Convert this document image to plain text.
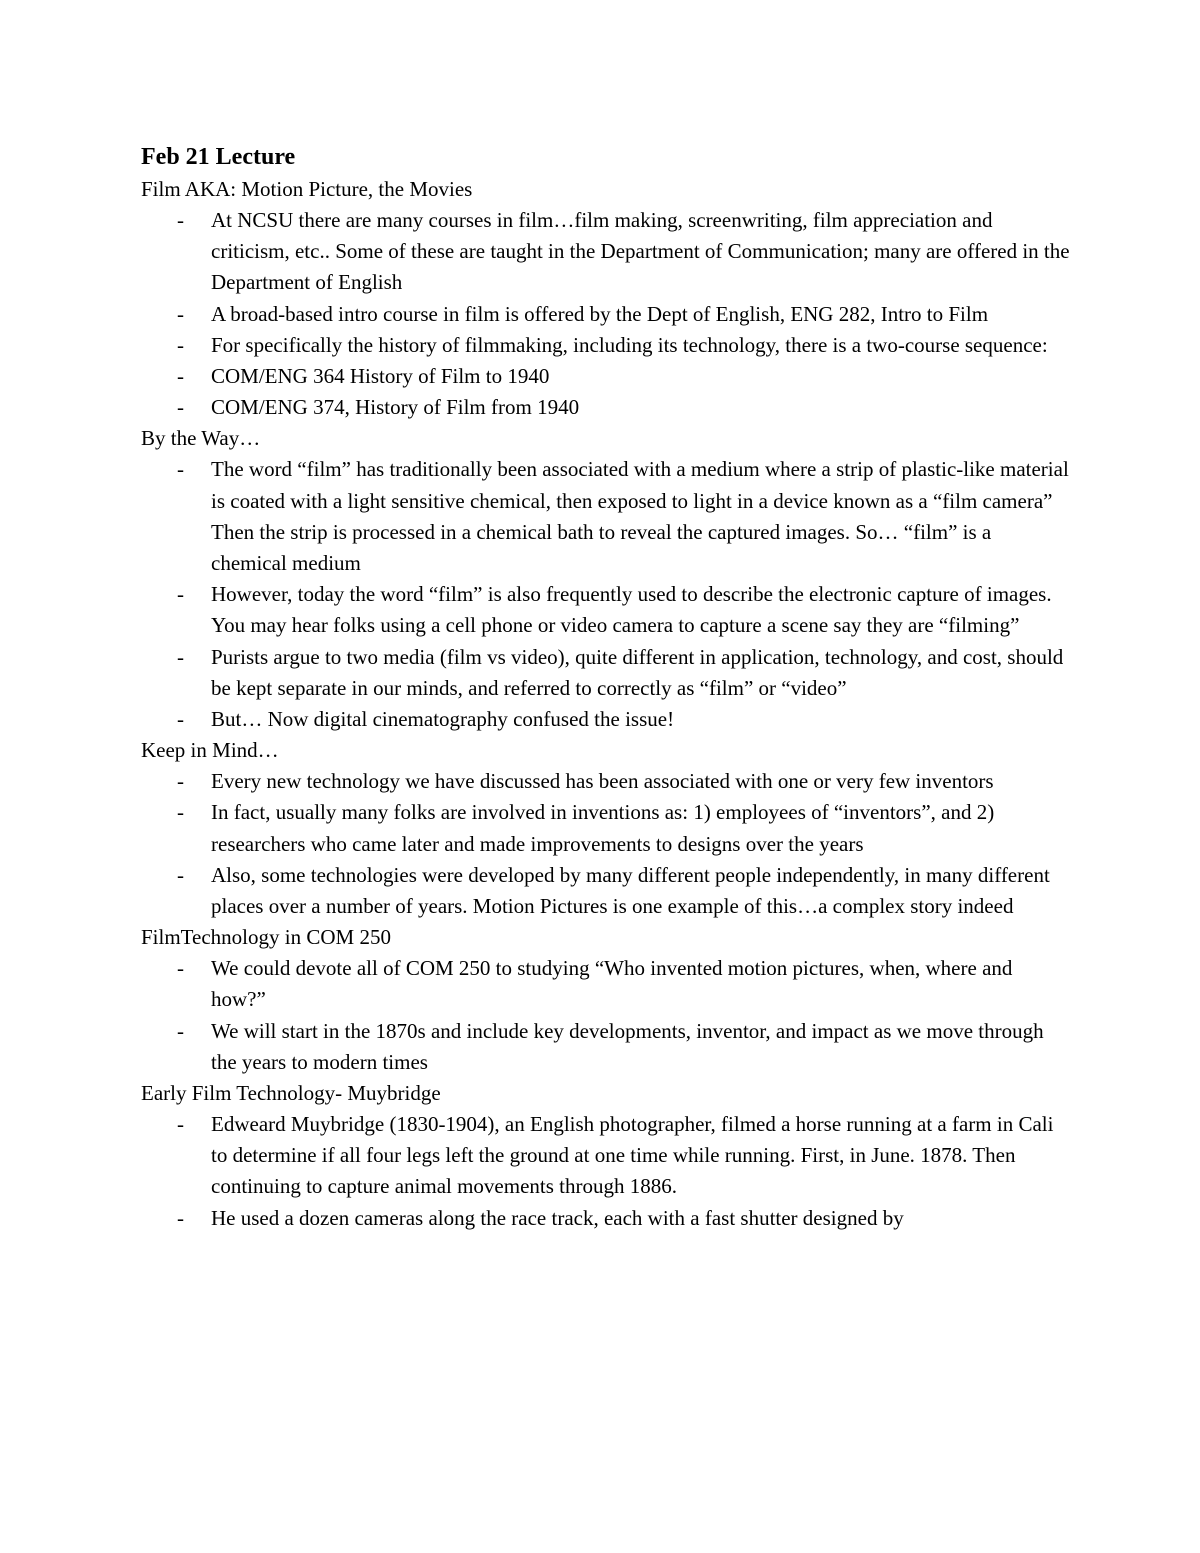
Feb 21 Lecture
Film AKA: Motion Picture, the Movies
- At NCSU there are many courses in film…film making, screenwriting, film appreciation and criticism, etc.. Some of these are taught in the Department of Communication; many are offered in the Department of English
- A broad-based intro course in film is offered by the Dept of English, ENG 282, Intro to Film
- For specifically the history of filmmaking, including its technology, there is a two-course sequence:
- COM/ENG 364 History of Film to 1940
- COM/ENG 374, History of Film from 1940
By the Way…
- The word “film” has traditionally been associated with a medium where a strip of plastic-like material is coated with a light sensitive chemical, then exposed to light in a device known as a “film camera” Then the strip is processed in a chemical bath to reveal the captured images. So… “film” is a chemical medium
- However, today the word “film” is also frequently used to describe the electronic capture of images. You may hear folks using a cell phone or video camera to capture a scene say they are “filming”
- Purists argue to two media (film vs video), quite different in application, technology, and cost, should be kept separate in our minds, and referred to correctly as “film” or “video”
- But… Now digital cinematography confused the issue!
Keep in Mind…
- Every new technology we have discussed has been associated with one or very few inventors
- In fact, usually many folks are involved in inventions as: 1) employees of “inventors”, and 2) researchers who came later and made improvements to designs over the years
- Also, some technologies were developed by many different people independently, in many different places over a number of years. Motion Pictures is one example of this…a complex story indeed
FilmTechnology in COM 250
- We could devote all of COM 250 to studying “Who invented motion pictures, when, where and how?”
- We will start in the 1870s and include key developments, inventor, and impact as we move through the years to modern times
Early Film Technology- Muybridge
- Edweard Muybridge (1830-1904), an English photographer, filmed a horse running at a farm in Cali to determine if all four legs left the ground at one time while running. First, in June. 1878. Then continuing to capture animal movements through 1886.
- He used a dozen cameras along the race track, each with a fast shutter designed by
